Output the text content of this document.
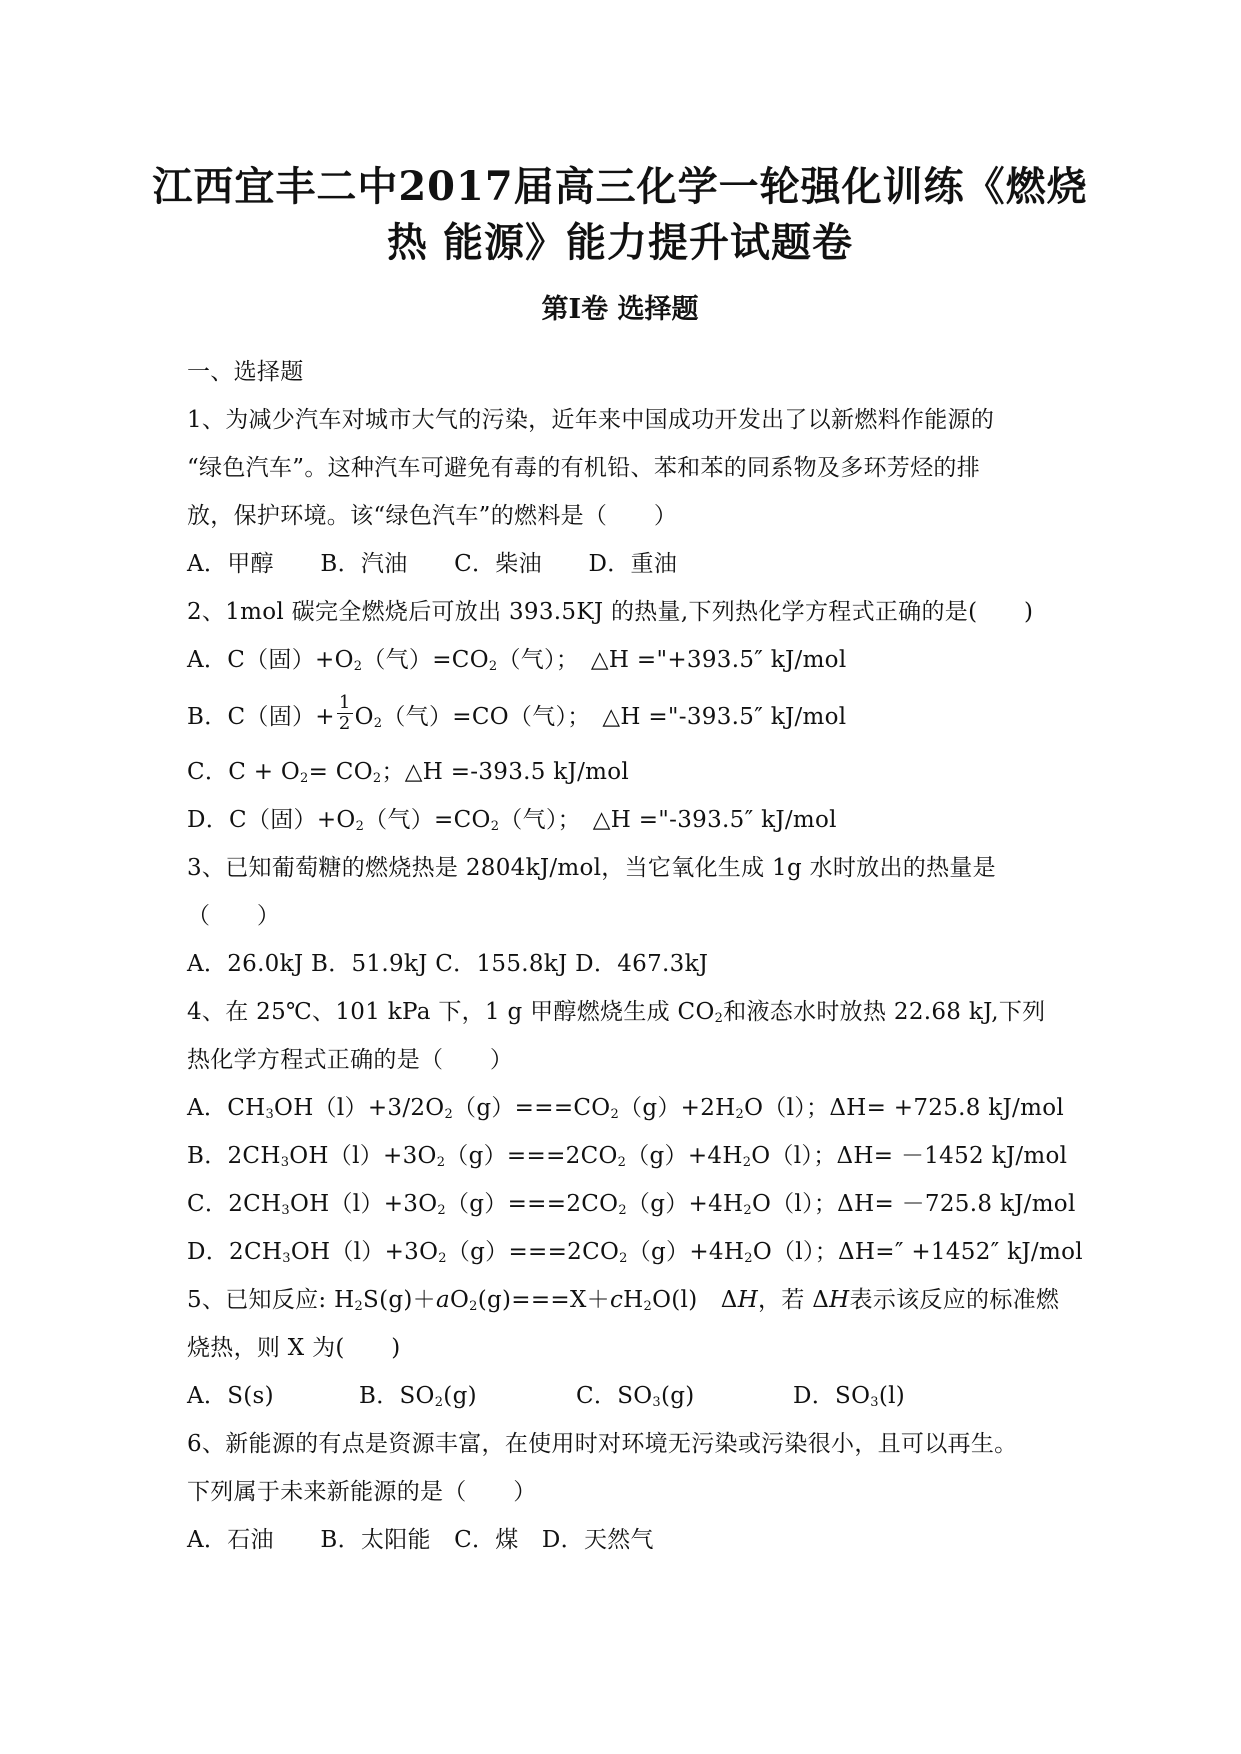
江西宜丰二中2017届高三化学一轮强化训练《燃烧
热 能源》能力提升试题卷
第Ⅰ卷 选择题
一、选择题
1、为减少汽车对城市大气的污染，近年来中国成功开发出了以新燃料作能源的
“绿色汽车”。这种汽车可避免有毒的有机铅、苯和苯的同系物及多环芳烃的排
放，保护环境。该“绿色汽车”的燃料是（　　）
A．甲醇　　B．汽油　　C．柴油　　D．重油
2、1mol 碳完全燃烧后可放出 393.5KJ 的热量,下列热化学方程式正确的是(　　)
A．C（固）$+O_2$（气）$=CO_2$（气）；　△H ="+393.5″ kJ/mol
B．C（固）+ $\frac{1}{2} O_2$（气）=CO（气）；　△H ="-393.5″ kJ/mol
C．$C + O_2= CO_2$；△H =-393.5 kJ/mol
D．C（固）$+O_2$（气）$=CO_2$（气）；　△H ="-393.5″ kJ/mol
3、已知葡萄糖的燃烧热是 2804kJ/mol，当它氧化生成 1g 水时放出的热量是
（　　）
A．26.0kJ B．51.9kJ C．155.8kJ D．467.3kJ
4、在 25℃、101 kPa 下，1 g 甲醇燃烧生成 $CO_2$和液态水时放热 22.68 kJ,下列
热化学方程式正确的是（　　）
A．$CH_3OH(l)+3/2O_2(g)===CO_2(g)+2H_2O(l)$；ΔH= +725.8 kJ/mol
B．$2CH_3OH(l)+3O_2(g)===2CO_2(g)+4H_2O(l)$；ΔH= －1452 kJ/mol
C．$2CH_3OH(l)+3O_2(g)===2CO_2(g)+4H_2O(l)$；ΔH= －725.8 kJ/mol
D．$2CH_3OH(l)+3O_2(g)===2CO_2(g)+4H_2O(l)$；ΔH=″ +1452″ kJ/mol
5、已知反应: $H_2S(g)+aO_2(g)===X+cH_2O(l)$　ΔH，若 ΔH表示该反应的标准燃
烧热，则 X 为(　　)
A．S(s)	B．$SO_2(g)$	C．$SO_3(g)$	D．$SO_3(l)$
6、新能源的有点是资源丰富，在使用时对环境无污染或污染很小，且可以再生。
下列属于未来新能源的是（　　）
A．石油　　B．太阳能　C．煤　D．天然气
